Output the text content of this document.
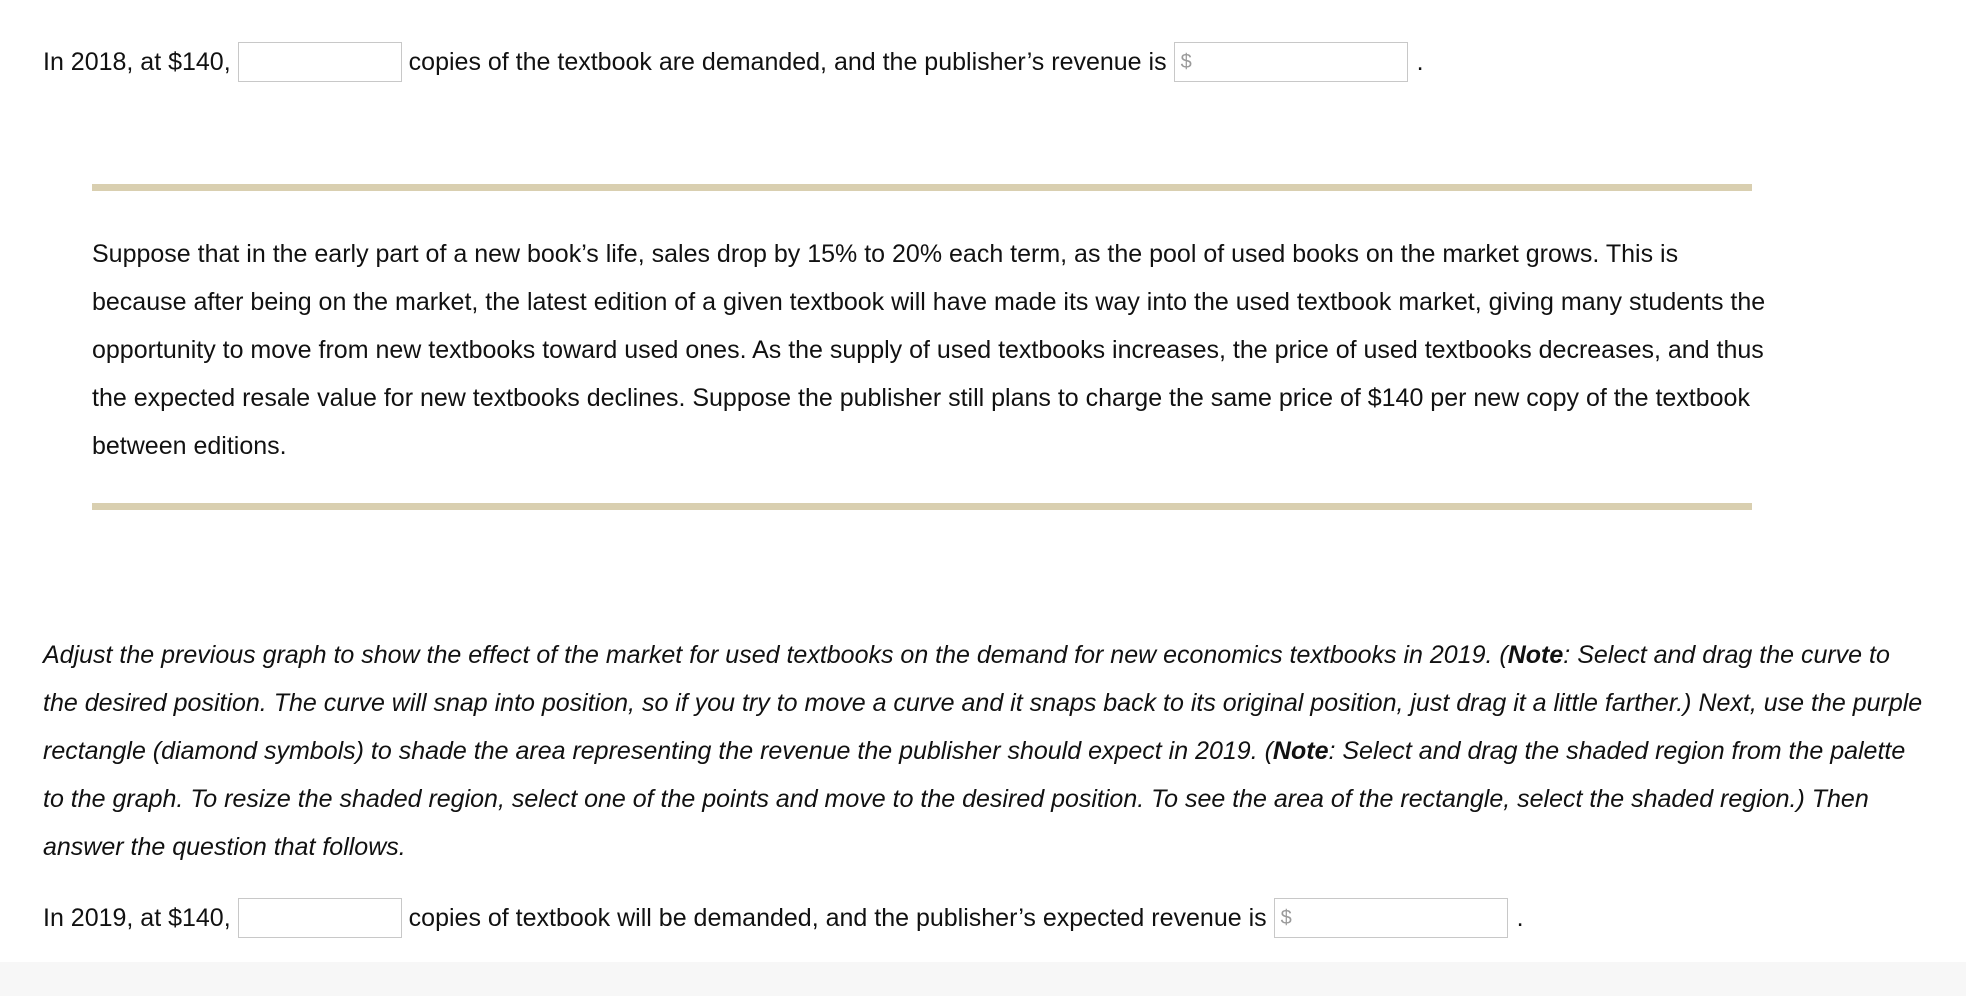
In 2018, at $140,	copies of the textbook are demanded, and the publisher’s revenue is $	.
Suppose that in the early part of a new book’s life, sales drop by 15% to 20% each term, as the pool of used books on the market grows. This is because after being on the market, the latest edition of a given textbook will have made its way into the used textbook market, giving many students the opportunity to move from new textbooks toward used ones. As the supply of used textbooks increases, the price of used textbooks decreases, and thus the expected resale value for new textbooks declines. Suppose the publisher still plans to charge the same price of $140 per new copy of the textbook between editions.
Adjust the previous graph to show the effect of the market for used textbooks on the demand for new economics textbooks in 2019. (Note: Select and drag the curve to the desired position. The curve will snap into position, so if you try to move a curve and it snaps back to its original position, just drag it a little farther.) Next, use the purple rectangle (diamond symbols) to shade the area representing the revenue the publisher should expect in 2019. (Note: Select and drag the shaded region from the palette to the graph. To resize the shaded region, select one of the points and move to the desired position. To see the area of the rectangle, select the shaded region.) Then answer the question that follows.
In 2019, at $140,	copies of textbook will be demanded, and the publisher’s expected revenue is $	.
